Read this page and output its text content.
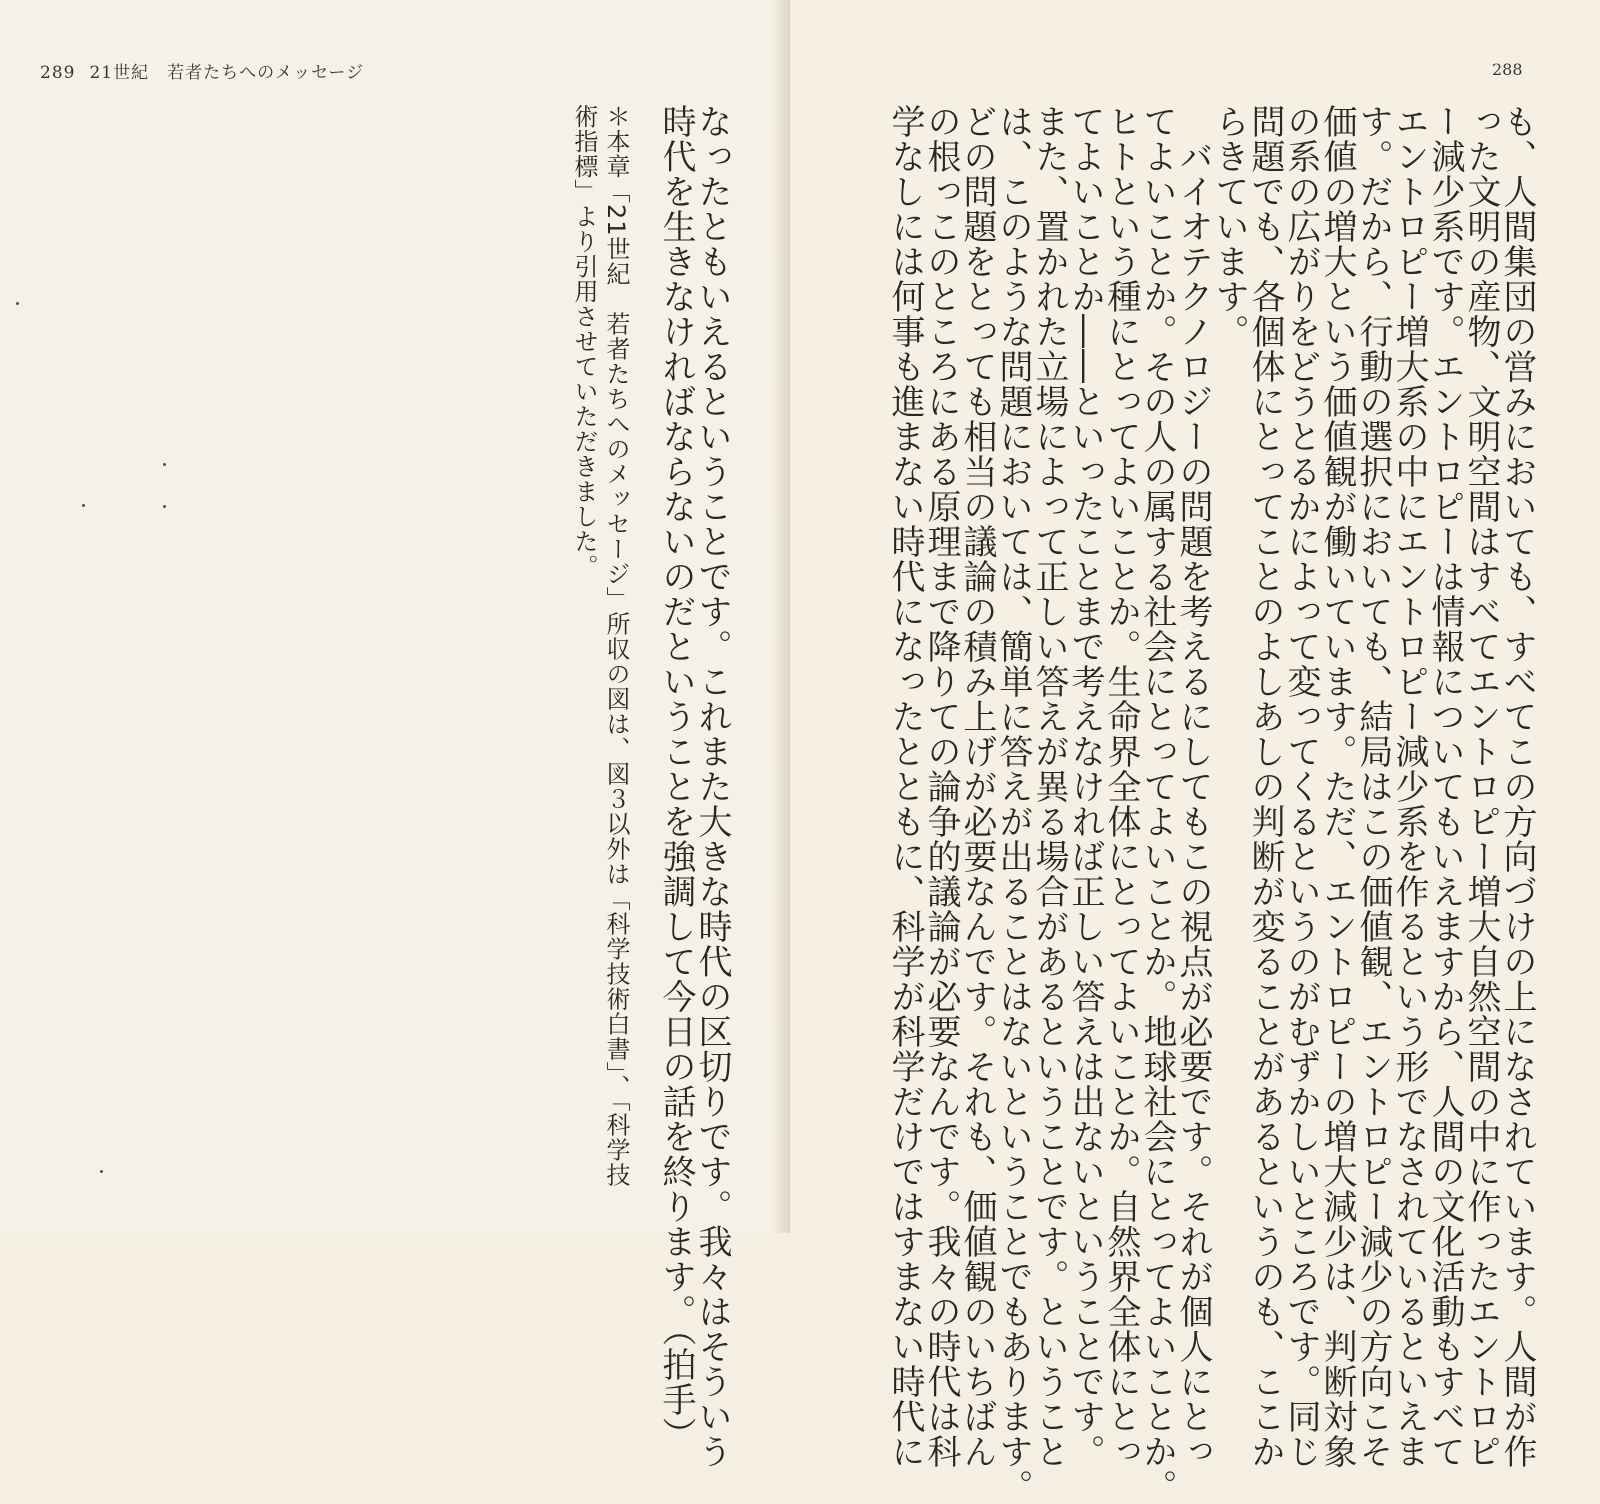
289 21世紀　若者たちへのメッセージ

なったともいえるということです。これまた大きな時代の区切りです。我々はそういう

時代を生きなければならないのだということを強調して今日の話を終ります。（拍手）

＊本章「21世紀　若者たちへのメッセージ」所収の図は、図３以外は「科学技術白書」、「科学技

術指標」より引用させていただきました。

288

も、人間集団の営みにおいても、すべてこの方向づけの上になされています。人間が作

った文明の産物、文明空間はすべてエントロピー増大自然空間の中に作ったエントロピ

ー減少系です。エントロピーは情報についてもいえますから、人間の文化活動もすべて

エントロピー増大系の中にエントロピー減少系を作るという形でなされているといえま

す。だから、行動の選択においても、結局はこの価値観、エントロピー減少の方向こそ

価値の増大という価値観が働いています。ただ、エントロピーの増大減少は、判断対象

の系の広がりをどうとるかによって変ってくるというのがむずかしいところです。同じ

問題でも、各個体にとってことのよしあしの判断が変ることがあるというのも、ここか

らきています。

　バイオテクノロジーの問題を考えるにしてもこの視点が必要です。それが個人にとっ

てよいことか。その人の属する社会にとってよいことか。地球社会にとってよいことか。

ヒトという種にとってよいことか。生命界全体にとってよいことか。自然界全体にとっ

てよいことか――といったことまで考えなければ正しい答えは出ないということです。

また、置かれた立場によって正しい答えが異る場合があるということです。ということ

は、このような問題においては、簡単に答えが出ることはないということでもあります。

どの問題をとっても相当の議論の積み上げが必要なんです。それも、価値観のいちばん

の根っこのところにある原理まで降りての論争的議論が必要なんです。我々の時代は科

学なしには何事も進まない時代になったとともに、科学が科学だけではすまない時代に
